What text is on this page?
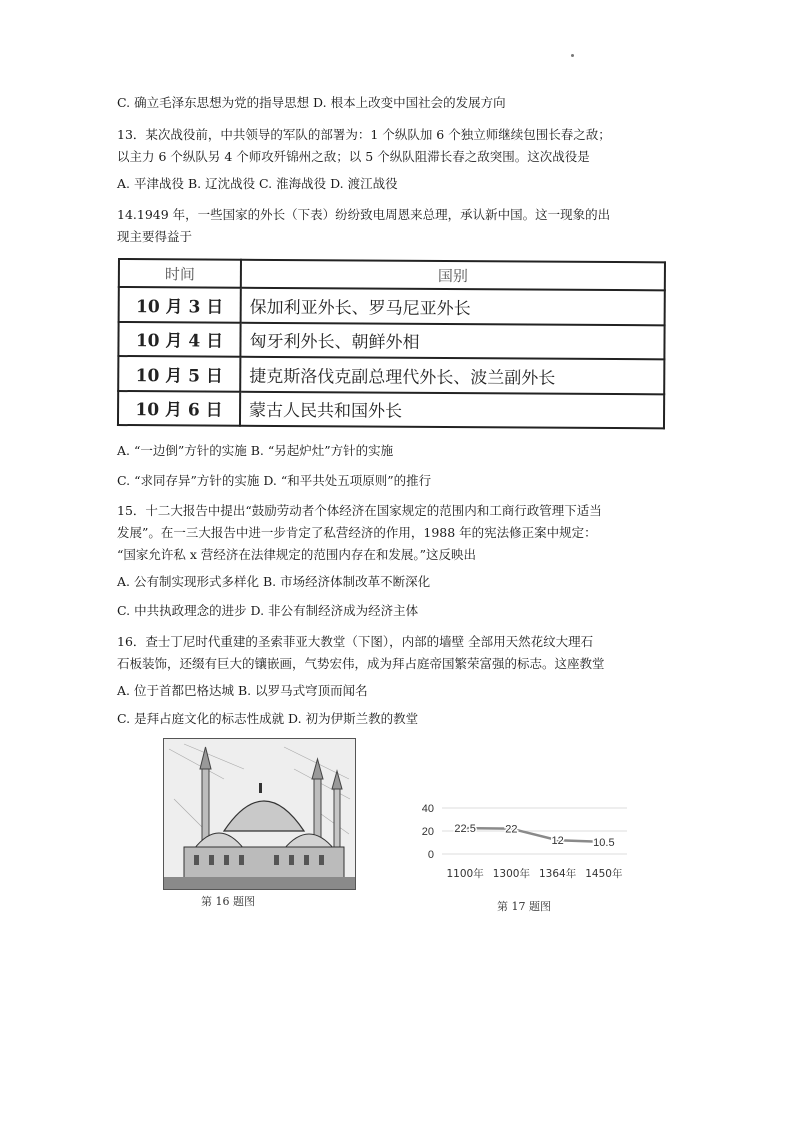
C. 确立毛泽东思想为党的指导思想 D. 根本上改变中国社会的发展方向
13．某次战役前，中共领导的军队的部署为：1 个纵队加 6 个独立师继续包围长春之敌；
以主力 6 个纵队另 4 个师攻歼锦州之敌；以 5 个纵队阻滞长春之敌突围。这次战役是
A. 平津战役 B. 辽沈战役 C. 淮海战役 D. 渡江战役
14.1949 年，一些国家的外长（下表）纷纷致电周恩来总理，承认新中国。这一现象的出
现主要得益于
时间	国别
10 月 3 日	保加利亚外长、罗马尼亚外长
10 月 4 日	匈牙利外长、朝鲜外相
10 月 5 日	捷克斯洛伐克副总理代外长、波兰副外长
10 月 6 日	蒙古人民共和国外长
A. “一边倒”方针的实施 B. “另起炉灶”方针的实施
C. “求同存异”方针的实施 D. “和平共处五项原则”的推行
15．十二大报告中提出“鼓励劳动者个体经济在国家规定的范围内和工商行政管理下适当
发展”。在一三大报告中进一步肯定了私营经济的作用，1988 年的宪法修正案中规定：
“国家允许私 x 营经济在法律规定的范围内存在和发展。”这反映出
A. 公有制实现形式多样化 B. 市场经济体制改革不断深化
C. 中共执政理念的进步 D. 非公有制经济成为经济主体
16．查士丁尼时代重建的圣索菲亚大教堂（下图），内部的墙壁 全部用天然花纹大理石
石板装饰，还缀有巨大的镶嵌画，气势宏伟，成为拜占庭帝国繁荣富强的标志。这座教堂
A. 位于首都巴格达城 B. 以罗马式穹顶而闻名
C. 是拜占庭文化的标志性成就 D. 初为伊斯兰教的教堂
第 16 题图
40
20
0
22.5	22
12	10.5
1100年 1300年 1364年 1450年
第 17 题图
